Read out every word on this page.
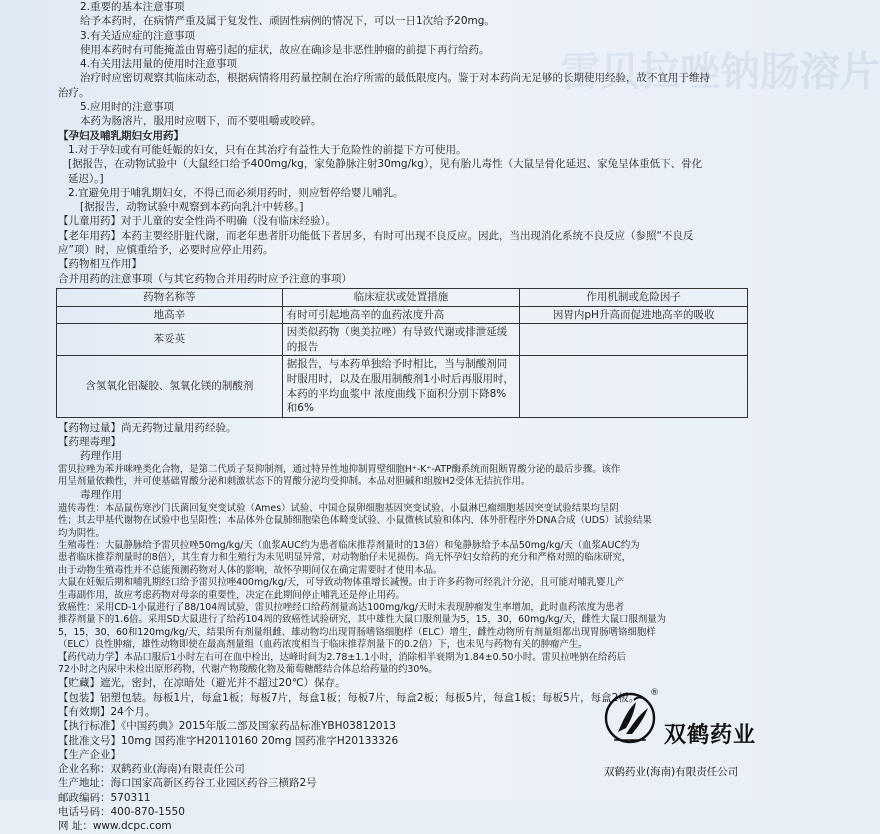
雷贝拉唑钠肠溶片
2.重要的基本注意事项
给予本药时，在病情严重及属于复发性、顽固性病例的情况下，可以一日1次给予20mg。
3.有关适应症的注意事项
使用本药时有可能掩盖由胃癌引起的症状，故应在确诊是非恶性肿瘤的前提下再行给药。
4.有关用法用量的使用时注意事项
治疗时应密切观察其临床动态，根据病情将用药量控制在治疗所需的最低限度内。鉴于对本药尚无足够的长期使用经验，故不宜用于维持
治疗。
5.应用时的注意事项
本药为肠溶片，服用时应咽下，而不要咀嚼或咬碎。
【孕妇及哺乳期妇女用药】
1.对于孕妇或有可能妊娠的妇女，只有在其治疗有益性大于危险性的前提下方可使用。
[据报告，在动物试验中（大鼠经口给予400mg/kg，家兔静脉注射30mg/kg），见有胎儿毒性（大鼠呈骨化延迟、家兔呈体重低下、骨化
延迟）。]
2.宜避免用于哺乳期妇女，不得已而必须用药时，则应暂停给婴儿哺乳。
[据报告，动物试验中观察到本药向乳汁中转移。]
【儿童用药】对于儿童的安全性尚不明确（没有临床经验）。
【老年用药】本药主要经肝脏代谢，而老年患者肝功能低下者居多，有时可出现不良反应。因此，当出现消化系统不良反应（参照“不良反
应”项）时，应慎重给予，必要时应停止用药。
【药物相互作用】
合并用药的注意事项（与其它药物合并用药时应予注意的事项）
药物名称等	临床症状或处置措施	作用机制或危险因子
地高辛	有时可引起地高辛的血药浓度升高	因胃内pH升高而促进地高辛的吸收
苯妥英	因类似药物（奥美拉唑）有导致代谢或排泄延缓的报告	
含氢氧化铝凝胶、氢氧化镁的制酸剂	据报告，与本药单独给予时相比，当与制酸剂同时服用时，以及在服用制酸剂1小时后再服用时，本药的平均血浆中 浓度曲线下面积分别下降8%和6%	
【药物过量】尚无药物过量用药经验。
【药理毒理】
药理作用
雷贝拉唑为苯并咪唑类化合物，是第二代质子泵抑制剂，通过特异性地抑制胃壁细胞H⁺-K⁺-ATP酶系统而阻断胃酸分泌的最后步骤。该作
用呈剂量依赖性，并可使基础胃酸分泌和刺激状态下的胃酸分泌均受抑制。本品对胆碱和组胺H2受体无拮抗作用。
毒理作用
遗传毒性：本品鼠伤寒沙门氏菌回复突变试验（Ames）试验、中国仓鼠卵细胞基因突变试验、小鼠淋巴瘤细胞基因突变试验结果均呈阴
性；其去甲基代谢物在试验中也呈阳性；本品体外仓鼠肺细胞染色体畸变试验、小鼠微核试验和体内、体外肝程序外DNA合成（UDS）试验结果
均为阴性。
生殖毒性：大鼠静脉给予雷贝拉唑50mg/kg/天（血浆AUC约为患者临床推荐剂量时的13倍）和兔静脉给予本品50mg/kg/天（血浆AUC约为
患者临床推荐剂量时的8倍），其生育力和生殖行为未见明显异常，对动物胎仔未见损伤。尚无怀孕妇女给药的充分和严格对照的临床研究，
由于动物生殖毒性并不总能预测药物对人体的影响，故怀孕期间仅在确定需要时才使用本品。
大鼠在妊娠后期和哺乳期经口给予雷贝拉唑400mg/kg/天，可导致动物体重增长减慢。由于许多药物可经乳汁分泌，且可能对哺乳婴儿产
生毒副作用，故应考虑药物对母亲的重要性，决定在此期间停止哺乳还是停止用药。
致癌性：采用CD-1小鼠进行了88/104周试验，雷贝拉唑经口给药剂量高达100mg/kg/天时未表现肿瘤发生率增加，此时血药浓度为患者
推荐剂量下的1.6倍。采用SD大鼠进行了给药104周的致癌性试验研究，其中雄性大鼠口服剂量为5，15，30，60mg/kg/天，雌性大鼠口服剂量为
5，15，30，60和120mg/kg/天，结果所有剂量组雌、雄动物均出现胃肠嗜铬细胞样（ELC）增生，雌性动物所有剂量组都出现胃肠嗜铬细胞样
（ELC）良性肿瘤，雄性动物即使在最高剂量组（血药浓度相当于临床推荐剂量下的0.2倍）下，也未见与药物有关的肿瘤产生。
【药代动力学】本品口服后1小时左右可在血中检出，达峰时间为2.78±1.1小时，消除相半衰期为1.84±0.50小时。雷贝拉唑钠在给药后
72小时之内尿中未检出原形药物，代谢产物羧酸化物及葡萄糖醛结合体总给药量的约30%。
【贮藏】遮光，密封，在凉暗处（避光并不超过20℃）保存。
【包装】铝塑包装。每板1片，每盒1板；每板7片，每盒1板；每板7片，每盒2板；每板5片，每盒1板；每板5片，每盒2板。
【有效期】24个月。
【执行标准】《中国药典》2015年版二部及国家药品标准YBH03812013
【批准文号】10mg 国药准字H20110160 20mg 国药准字H20133326
【生产企业】
企业名称：双鹤药业(海南)有限责任公司
生产地址：海口国家高新区药谷工业园区药谷三横路2号
邮政编码：570311
电话号码：400-870-1550
网 址：www.dcpc.com
®
双鹤药业
双鹤药业(海南)有限责任公司
